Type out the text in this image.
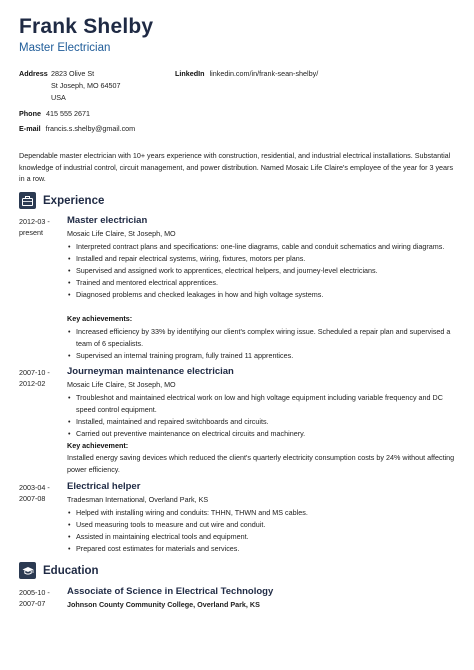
Frank Shelby
Master Electrician
Address 2823 Olive St
St Joseph, MO 64507
USA
LinkedIn linkedin.com/in/frank-sean-shelby/
Phone 415 555 2671
E-mail francis.s.shelby@gmail.com
Dependable master electrician with 10+ years experience with construction, residential, and industrial electrical installations. Substantial knowledge of industrial control, circuit management, and power distribution. Named Mosaic Life Claire's employee of the year for 3 years in a row.
Experience
2012-03 -
present
Master electrician
Mosaic Life Claire, St Joseph, MO
• Interpreted contract plans and specifications: one-line diagrams, cable and conduit schematics and wiring diagrams.
• Installed and repair electrical systems, wiring, fixtures, motors per plans.
• Supervised and assigned work to apprentices, electrical helpers, and journey-level electricians.
• Trained and mentored electrical apprentices.
• Diagnosed problems and checked leakages in how and high voltage systems.
Key achievements:
• Increased efficiency by 33% by identifying our client's complex wiring issue. Scheduled a repair plan and supervised a team of 6 specialists.
• Supervised an internal training program, fully trained 11 apprentices.
2007-10 -
2012-02
Journeyman maintenance electrician
Mosaic Life Claire, St Joseph, MO
• Troubleshot and maintained electrical work on low and high voltage equipment including variable frequency and DC speed control equipment.
• Installed, maintained and repaired switchboards and circuits.
• Carried out preventive maintenance on electrical circuits and machinery.
Key achievement:
Installed energy saving devices which reduced the client's quarterly electricity consumption costs by 24% without affecting power efficiency.
2003-04 -
2007-08
Electrical helper
Tradesman International, Overland Park, KS
• Helped with installing wiring and conduits: THHN, THWN and MS cables.
• Used measuring tools to measure and cut wire and conduit.
• Assisted in maintaining electrical tools and equipment.
• Prepared cost estimates for materials and services.
Education
2005-10 -
2007-07
Associate of Science in Electrical Technology
Johnson County Community College, Overland Park, KS
